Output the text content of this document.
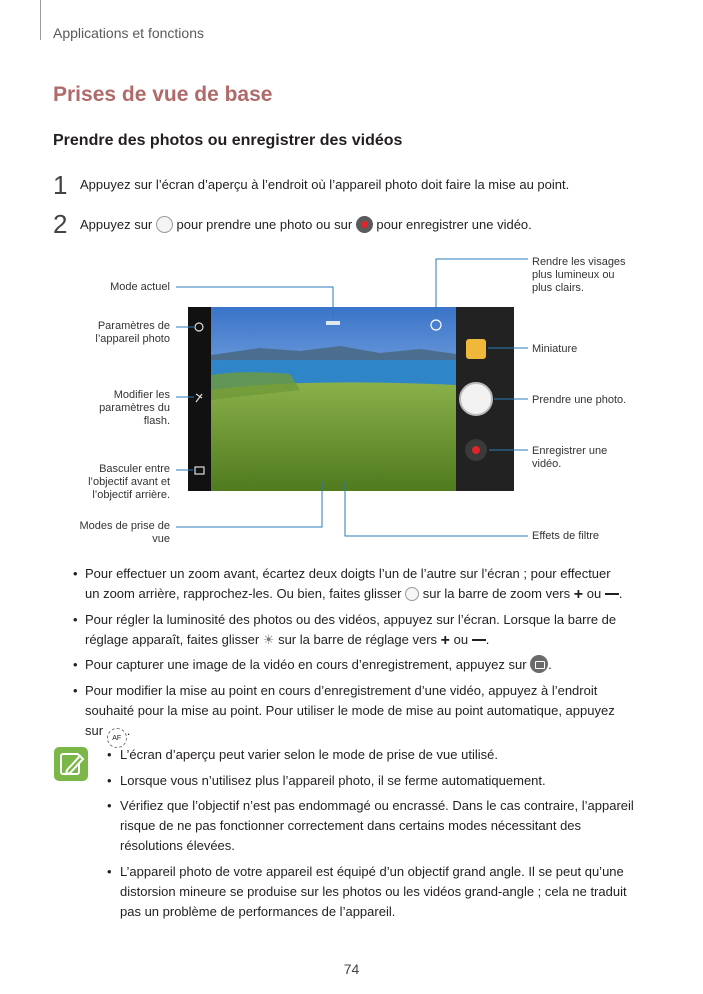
Applications et fonctions
Prises de vue de base
Prendre des photos ou enregistrer des vidéos
1 Appuyez sur l’écran d’aperçu à l’endroit où l’appareil photo doit faire la mise au point.
2 Appuyez sur pour prendre une photo ou sur pour enregistrer une vidéo.
Mode actuel
Paramètres de
l’appareil photo
Modifier les
paramètres du
flash.
Basculer entre
l’objectif avant et
l’objectif arrière.
Modes de prise de
vue
Rendre les visages
plus lumineux ou
plus clairs.
Miniature
Prendre une photo.
Enregistrer une
vidéo.
Effets de filtre
• Pour effectuer un zoom avant, écartez deux doigts l’un de l’autre sur l’écran ; pour effectuer
un zoom arrière, rapprochez-les. Ou bien, faites glisser sur la barre de zoom vers + ou .
• Pour régler la luminosité des photos ou des vidéos, appuyez sur l’écran. Lorsque la barre de
réglage apparaît, faites glisser ☀ sur la barre de réglage vers + ou .
• Pour capturer une image de la vidéo en cours d’enregistrement, appuyez sur .
• Pour modifier la mise au point en cours d’enregistrement d’une vidéo, appuyez à l’endroit
souhaité pour la mise au point. Pour utiliser le mode de mise au point automatique, appuyez
sur AF.
• L’écran d’aperçu peut varier selon le mode de prise de vue utilisé.
• Lorsque vous n’utilisez plus l’appareil photo, il se ferme automatiquement.
• Vérifiez que l’objectif n’est pas endommagé ou encrassé. Dans le cas contraire, l’appareil
risque de ne pas fonctionner correctement dans certains modes nécessitant des
résolutions élevées.
• L’appareil photo de votre appareil est équipé d’un objectif grand angle. Il se peut qu’une
distorsion mineure se produise sur les photos ou les vidéos grand-angle ; cela ne traduit
pas un problème de performances de l’appareil.
74
